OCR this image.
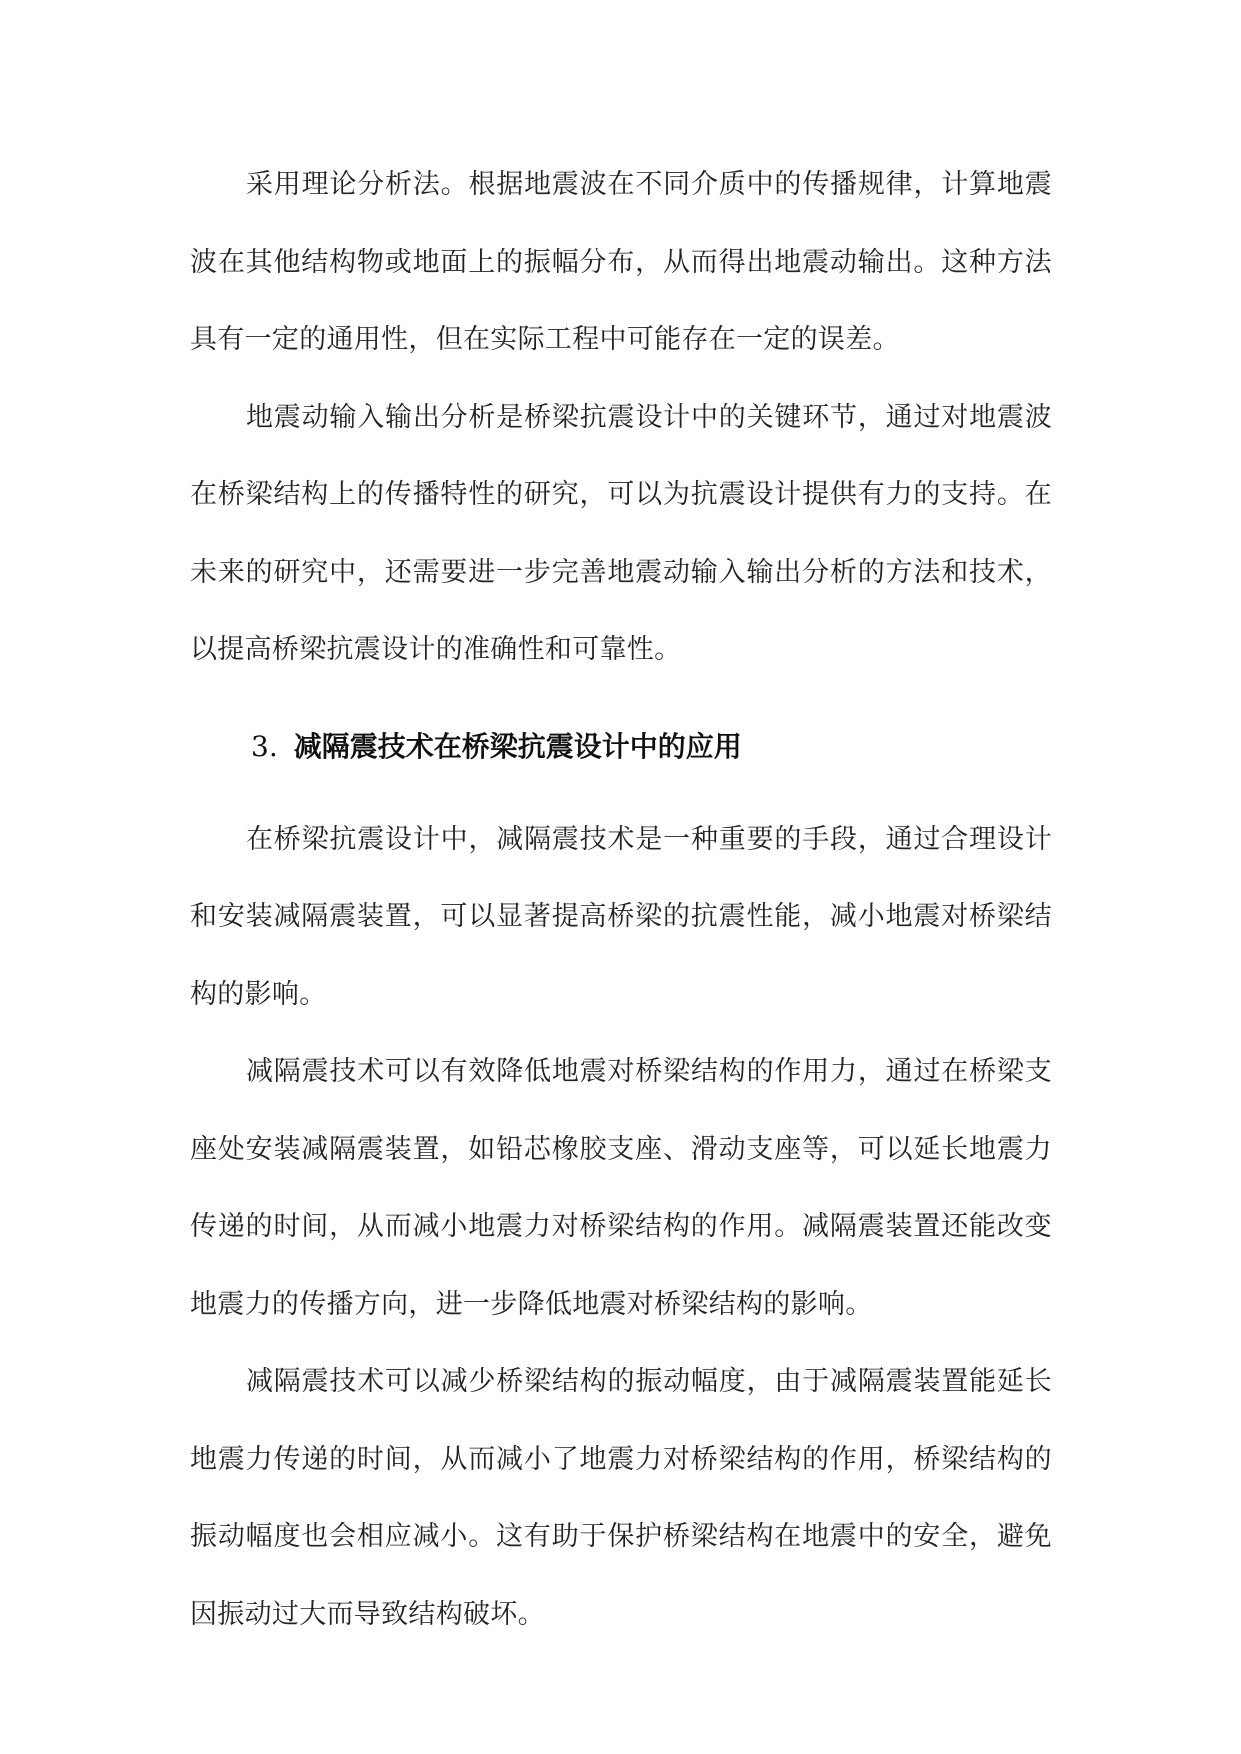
采用理论分析法。根据地震波在不同介质中的传播规律，计算地震波在其他结构物或地面上的振幅分布，从而得出地震动输出。这种方法具有一定的通用性，但在实际工程中可能存在一定的误差。

地震动输入输出分析是桥梁抗震设计中的关键环节，通过对地震波在桥梁结构上的传播特性的研究，可以为抗震设计提供有力的支持。在未来的研究中，还需要进一步完善地震动输入输出分析的方法和技术，以提高桥梁抗震设计的准确性和可靠性。

3. 减隔震技术在桥梁抗震设计中的应用

在桥梁抗震设计中，减隔震技术是一种重要的手段，通过合理设计和安装减隔震装置，可以显著提高桥梁的抗震性能，减小地震对桥梁结构的影响。

减隔震技术可以有效降低地震对桥梁结构的作用力，通过在桥梁支座处安装减隔震装置，如铅芯橡胶支座、滑动支座等，可以延长地震力传递的时间，从而减小地震力对桥梁结构的作用。减隔震装置还能改变地震力的传播方向，进一步降低地震对桥梁结构的影响。

减隔震技术可以减少桥梁结构的振动幅度，由于减隔震装置能延长地震力传递的时间，从而减小了地震力对桥梁结构的作用，桥梁结构的振动幅度也会相应减小。这有助于保护桥梁结构在地震中的安全，避免因振动过大而导致结构破坏。
